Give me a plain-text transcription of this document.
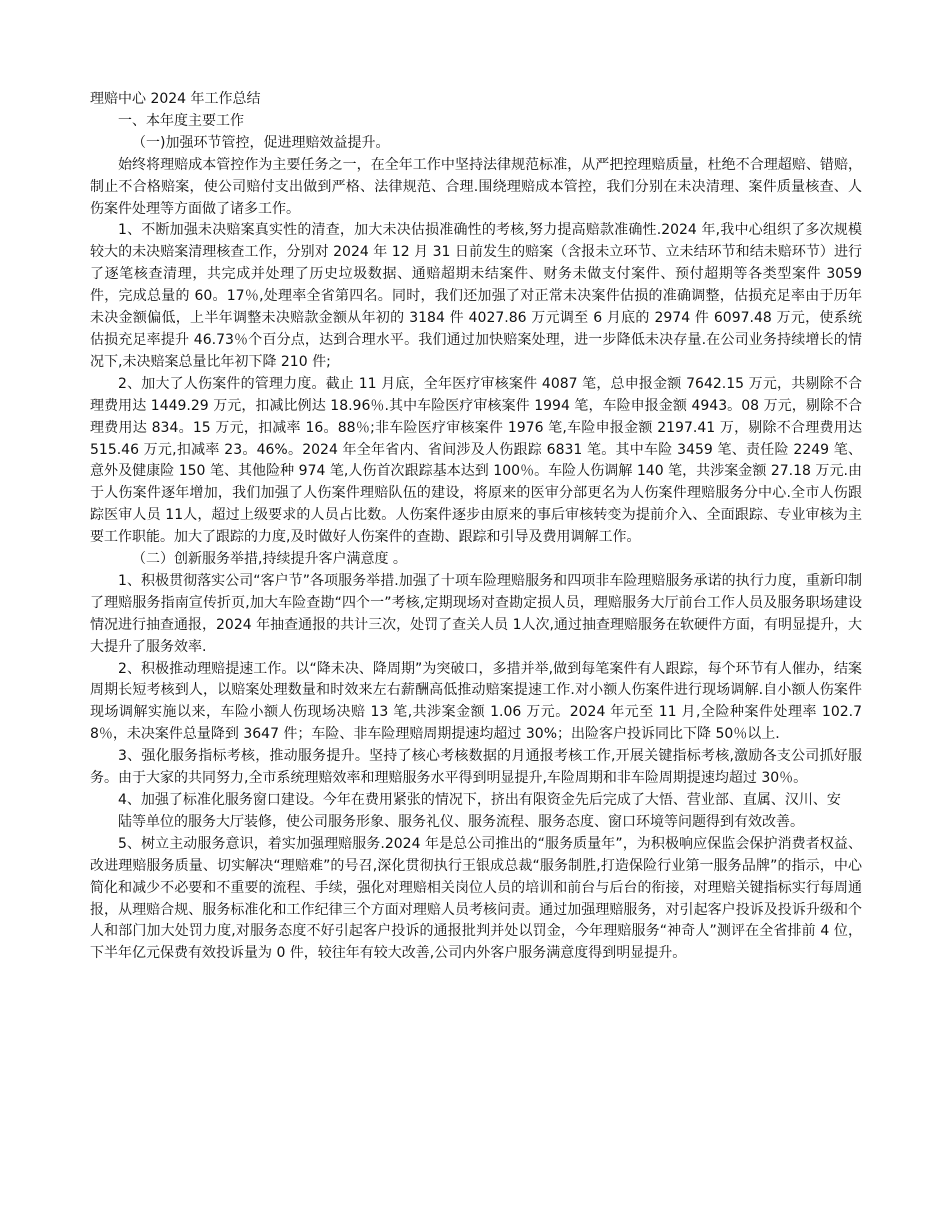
理赔中心 2024 年工作总结

一、本年度主要工作

（一)加强环节管控，促进理赔效益提升。

始终将理赔成本管控作为主要任务之一，在全年工作中坚持法律规范标准，从严把控理赔质量，杜绝不合理超赔、错赔，制止不合格赔案，使公司赔付支出做到严格、法律规范、合理.围绕理赔成本管控，我们分别在未决清理、案件质量核查、人伤案件处理等方面做了诸多工作。

1、不断加强未决赔案真实性的清查，加大未决估损准确性的考核,努力提高赔款准确性.2024 年,我中心组织了多次规模较大的未决赔案清理核查工作，分别对 2024 年 12 月 31 日前发生的赔案（含报未立环节、立未结环节和结未赔环节）进行了逐笔核查清理，共完成并处理了历史垃圾数据、通赔超期未结案件、财务未做支付案件、预付超期等各类型案件 3059 件，完成总量的 60。17％,处理率全省第四名。同时，我们还加强了对正常未决案件估损的准确调整，估损充足率由于历年未决金额偏低，上半年调整未决赔款金额从年初的 3184 件 4027.86 万元调至 6 月底的 2974 件 6097.48 万元，使系统估损充足率提升 46.73％个百分点，达到合理水平。我们通过加快赔案处理，进一步降低未决存量.在公司业务持续增长的情况下,未决赔案总量比年初下降 210 件;

2、加大了人伤案件的管理力度。截止 11 月底，全年医疗审核案件 4087 笔，总申报金额 7642.15 万元，共剔除不合理费用达 1449.29 万元，扣减比例达 18.96％.其中车险医疗审核案件 1994 笔，车险申报金额 4943。08 万元，剔除不合理费用达 834。15 万元，扣减率 16。88％;非车险医疗审核案件 1976 笔,车险申报金额 2197.41 万，剔除不合理费用达 515.46 万元,扣减率 23。46%。2024 年全年省内、省间涉及人伤跟踪 6831 笔。其中车险 3459 笔、责任险 2249 笔、意外及健康险 150 笔、其他险种 974 笔,人伤首次跟踪基本达到 100％。车险人伤调解 140 笔，共涉案金额 27.18 万元.由于人伤案件逐年增加，我们加强了人伤案件理赔队伍的建设，将原来的医审分部更名为人伤案件理赔服务分中心.全市人伤跟踪医审人员 11人，超过上级要求的人员占比数。人伤案件逐步由原来的事后审核转变为提前介入、全面跟踪、专业审核为主要工作职能。加大了跟踪的力度,及时做好人伤案件的查勘、跟踪和引导及费用调解工作。

（二）创新服务举措,持续提升客户满意度 。

1、积极贯彻落实公司“客户节”各项服务举措.加强了十项车险理赔服务和四项非车险理赔服务承诺的执行力度，重新印制了理赔服务指南宣传折页,加大车险查勘“四个一”考核,定期现场对查勘定损人员，理赔服务大厅前台工作人员及服务职场建设情况进行抽查通报，2024 年抽查通报的共计三次，处罚了查关人员 1人次,通过抽查理赔服务在软硬件方面，有明显提升，大大提升了服务效率.

2、积极推动理赔提速工作。以“降未决、降周期”为突破口，多措并举,做到每笔案件有人跟踪，每个环节有人催办，结案周期长短考核到人，以赔案处理数量和时效来左右薪酬高低推动赔案提速工作.对小额人伤案件进行现场调解.自小额人伤案件现场调解实施以来，车险小额人伤现场决赔 13 笔,共涉案金额 1.06 万元。2024 年元至 11 月,全险种案件处理率 102.78％，未决案件总量降到 3647 件；车险、非车险理赔周期提速均超过 30%；出险客户投诉同比下降 50％以上.

3、强化服务指标考核，推动服务提升。坚持了核心考核数据的月通报考核工作,开展关键指标考核,激励各支公司抓好服务。由于大家的共同努力,全市系统理赔效率和理赔服务水平得到明显提升,车险周期和非车险周期提速均超过 30％。

4、加强了标准化服务窗口建设。今年在费用紧张的情况下，挤出有限资金先后完成了大悟、营业部、直属、汉川、安

陆等单位的服务大厅装修，使公司服务形象、服务礼仪、服务流程、服务态度、窗口环境等问题得到有效改善。

5、树立主动服务意识，着实加强理赔服务.2024 年是总公司推出的“服务质量年”，为积极响应保监会保护消费者权益、改进理赔服务质量、切实解决“理赔难”的号召,深化贯彻执行王银成总裁“服务制胜,打造保险行业第一服务品牌”的指示，中心简化和减少不必要和不重要的流程、手续，强化对理赔相关岗位人员的培训和前台与后台的衔接，对理赔关键指标实行每周通报，从理赔合规、服务标准化和工作纪律三个方面对理赔人员考核问责。通过加强理赔服务，对引起客户投诉及投诉升级和个人和部门加大处罚力度,对服务态度不好引起客户投诉的通报批判并处以罚金，今年理赔服务“神奇人”测评在全省排前 4 位，下半年亿元保费有效投诉量为 0 件，较往年有较大改善,公司内外客户服务满意度得到明显提升。
